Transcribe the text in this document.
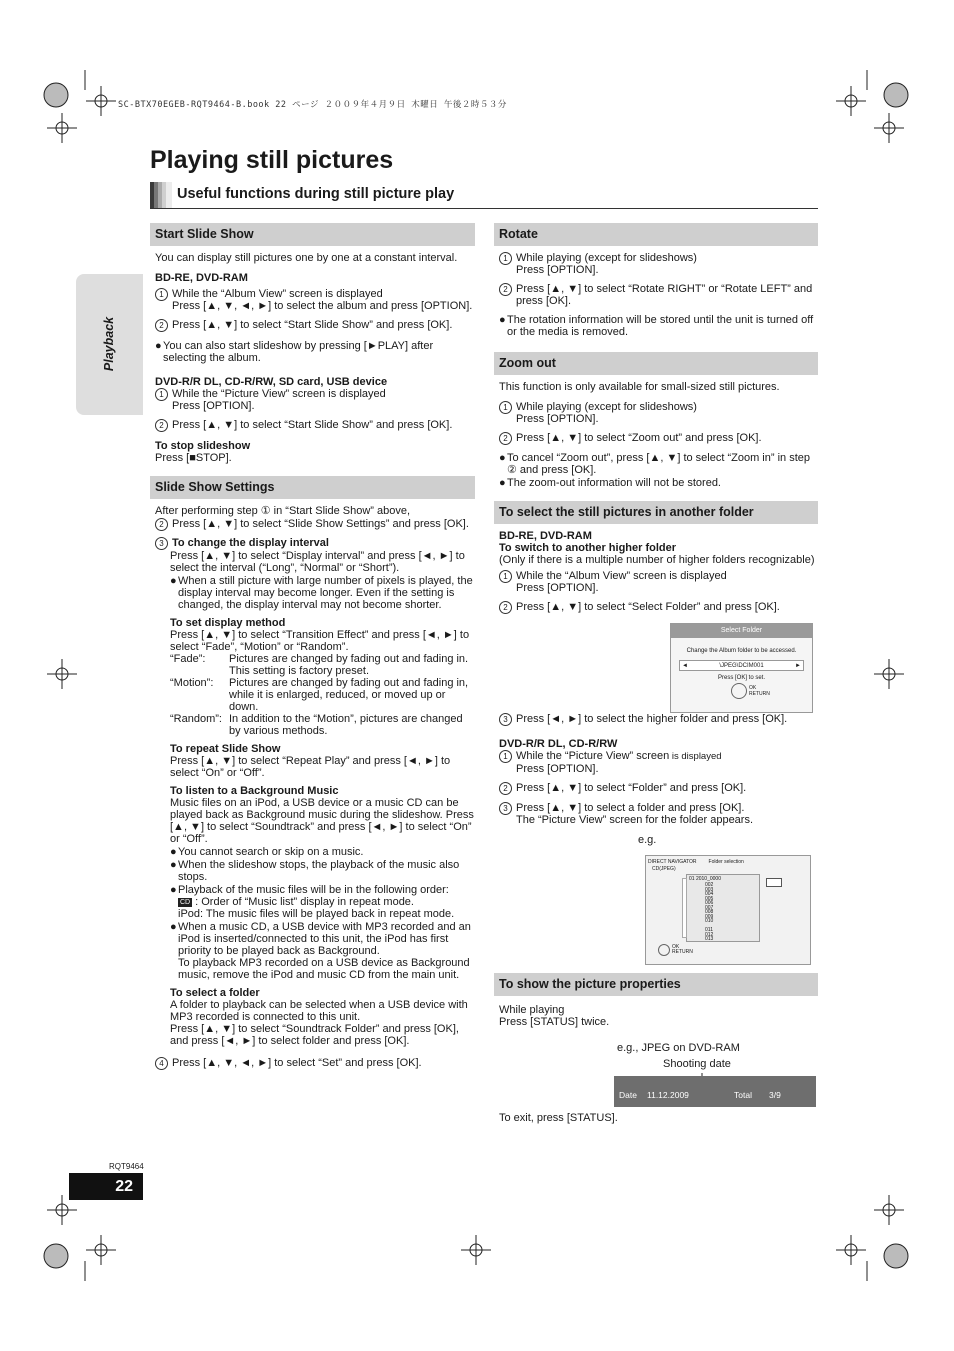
SC-BTX70EGEB-RQT9464-B.book 22 ページ ２００９年４月９日 木曜日 午後２時５３分
Playing still pictures
Useful functions during still picture play
Playback
Start Slide Show
You can display still pictures one by one at a constant interval.
BD-RE, DVD-RAM
1 While the “Album View” screen is displayed
Press [▲, ▼, ◄, ►] to select the album and press [OPTION].
2 Press [▲, ▼] to select “Start Slide Show” and press [OK].
● You can also start slideshow by pressing [►PLAY] after selecting the album.
DVD-R/R DL, CD-R/RW, SD card, USB device
1 While the “Picture View” screen is displayed
Press [OPTION].
2 Press [▲, ▼] to select “Start Slide Show” and press [OK].
To stop slideshow
Press [■STOP].
Slide Show Settings
After performing step ① in “Start Slide Show” above,
2 Press [▲, ▼] to select “Slide Show Settings” and press [OK].
3 To change the display interval
Press [▲, ▼] to select “Display interval” and press [◄, ►] to select the interval (“Long”, “Normal” or “Short”).
● When a still picture with large number of pixels is played, the display interval may become longer. Even if the setting is changed, the display interval may not become shorter.
To set display method
Press [▲, ▼] to select “Transition Effect” and press [◄, ►] to select “Fade”, “Motion” or “Random”.
“Fade”:	Pictures are changed by fading out and fading in.
This setting is factory preset.
“Motion”:	Pictures are changed by fading out and fading in, while it is enlarged, reduced, or moved up or down.
“Random”: In addition to the “Motion”, pictures are changed by various methods.
To repeat Slide Show
Press [▲, ▼] to select “Repeat Play” and press [◄, ►] to select “On” or “Off”.
To listen to a Background Music
Music files on an iPod, a USB device or a music CD can be played back as Background music during the slideshow. Press [▲, ▼] to select “Soundtrack” and press [◄, ►] to select “On” or “Off”.
● You cannot search or skip on a music.
● When the slideshow stops, the playback of the music also stops.
● Playback of the music files will be in the following order:
CD : Order of “Music list” display in repeat mode.
iPod: The music files will be played back in repeat mode.
● When a music CD, a USB device with MP3 recorded and an iPod is inserted/connected to this unit, the iPod has first priority to be played back as Background.
To playback MP3 recorded on a USB device as Background music, remove the iPod and music CD from the main unit.
To select a folder
A folder to playback can be selected when a USB device with MP3 recorded is connected to this unit.
Press [▲, ▼] to select “Soundtrack Folder” and press [OK], and press [◄, ►] to select folder and press [OK].
4 Press [▲, ▼, ◄, ►] to select “Set” and press [OK].
Rotate
1 While playing (except for slideshows)
Press [OPTION].
2 Press [▲, ▼] to select “Rotate RIGHT” or “Rotate LEFT” and press [OK].
● The rotation information will be stored until the unit is turned off or the media is removed.
Zoom out
This function is only available for small-sized still pictures.
1 While playing (except for slideshows)
Press [OPTION].
2 Press [▲, ▼] to select “Zoom out” and press [OK].
● To cancel “Zoom out”, press [▲, ▼] to select “Zoom in” in step ② and press [OK].
● The zoom-out information will not be stored.
To select the still pictures in another folder
BD-RE, DVD-RAM
To switch to another higher folder
(Only if there is a multiple number of higher folders recognizable)
1 While the “Album View” screen is displayed
Press [OPTION].
2 Press [▲, ▼] to select “Select Folder” and press [OK].
3 Press [◄, ►] to select the higher folder and press [OK].
DVD-R/R DL, CD-R/RW
1 While the “Picture View” screen is displayed
Press [OPTION].
2 Press [▲, ▼] to select “Folder” and press [OK].
3 Press [▲, ▼] to select a folder and press [OK].
The “Picture View” screen for the folder appears.
e.g.
Select Folder
Change the Album folder to be accessed.
◄	\JPEG\DCIM001	►
Press [OK] to set.
OK
RETURN
DIRECT NAVIGATOR Folder selection
CD(JPEG)
01 2010_0000
002
003
004
005
006
007
008
009
010
011
012
013
OK
RETURN
To show the picture properties
While playing
Press [STATUS] twice.
e.g., JPEG on DVD-RAM
Shooting date
Date 11.12.2009	Total 3/9
To exit, press [STATUS].
RQT9464
22
